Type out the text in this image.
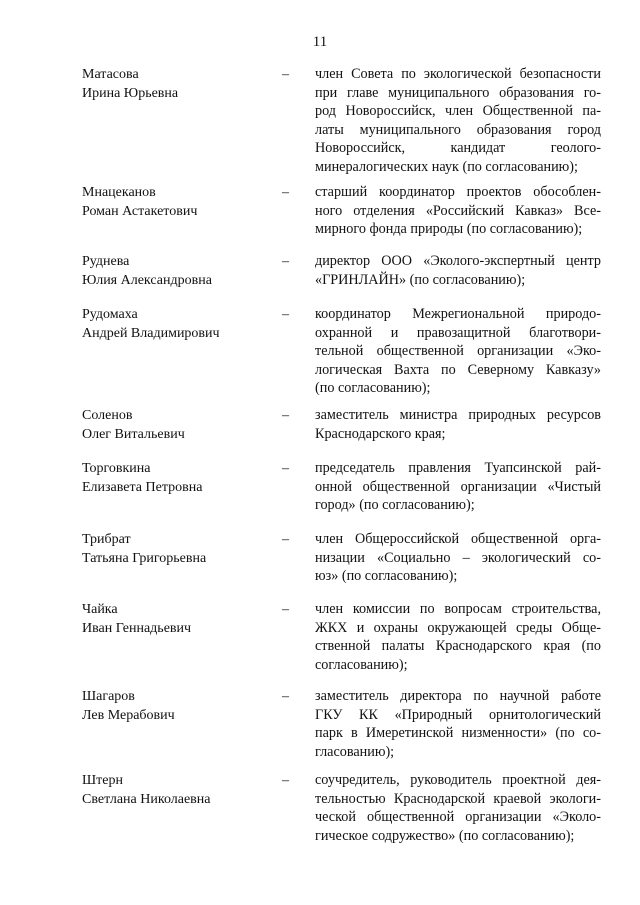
11
Матасова
Ирина Юрьевна
– член Совета по экологической безопасности
при главе муниципального образования го-
род Новороссийск, член Общественной па-
латы муниципального образования город
Новороссийск, кандидат геолого-
минералогических наук (по согласованию);
Мнацеканов
Роман Астакетович
– старший координатор проектов обособлен-
ного отделения «Российский Кавказ» Все-
мирного фонда природы (по согласованию);
Руднева
Юлия Александровна
– директор ООО «Эколого-экспертный центр
«ГРИНЛАЙН» (по согласованию);
Рудомаха
Андрей Владимирович
– координатор Межрегиональной природо-
охранной и правозащитной благотвори-
тельной общественной организации «Эко-
логическая Вахта по Северному Кавказу»
(по согласованию);
Соленов
Олег Витальевич
– заместитель министра природных ресурсов
Краснодарского края;
Торговкина
Елизавета Петровна
– председатель правления Туапсинской рай-
онной общественной организации «Чистый
город» (по согласованию);
Трибрат
Татьяна Григорьевна
– член Общероссийской общественной орга-
низации «Социально – экологический со-
юз» (по согласованию);
Чайка
Иван Геннадьевич
– член комиссии по вопросам строительства,
ЖКХ и охраны окружающей среды Обще-
ственной палаты Краснодарского края (по
согласованию);
Шагаров
Лев Мерабович
– заместитель директора по научной работе
ГКУ КК «Природный орнитологический
парк в Имеретинской низменности» (по со-
гласованию);
Штерн
Светлана Николаевна
– соучредитель, руководитель проектной дея-
тельностью Краснодарской краевой экологи-
ческой общественной организации «Эколо-
гическое содружество» (по согласованию);
